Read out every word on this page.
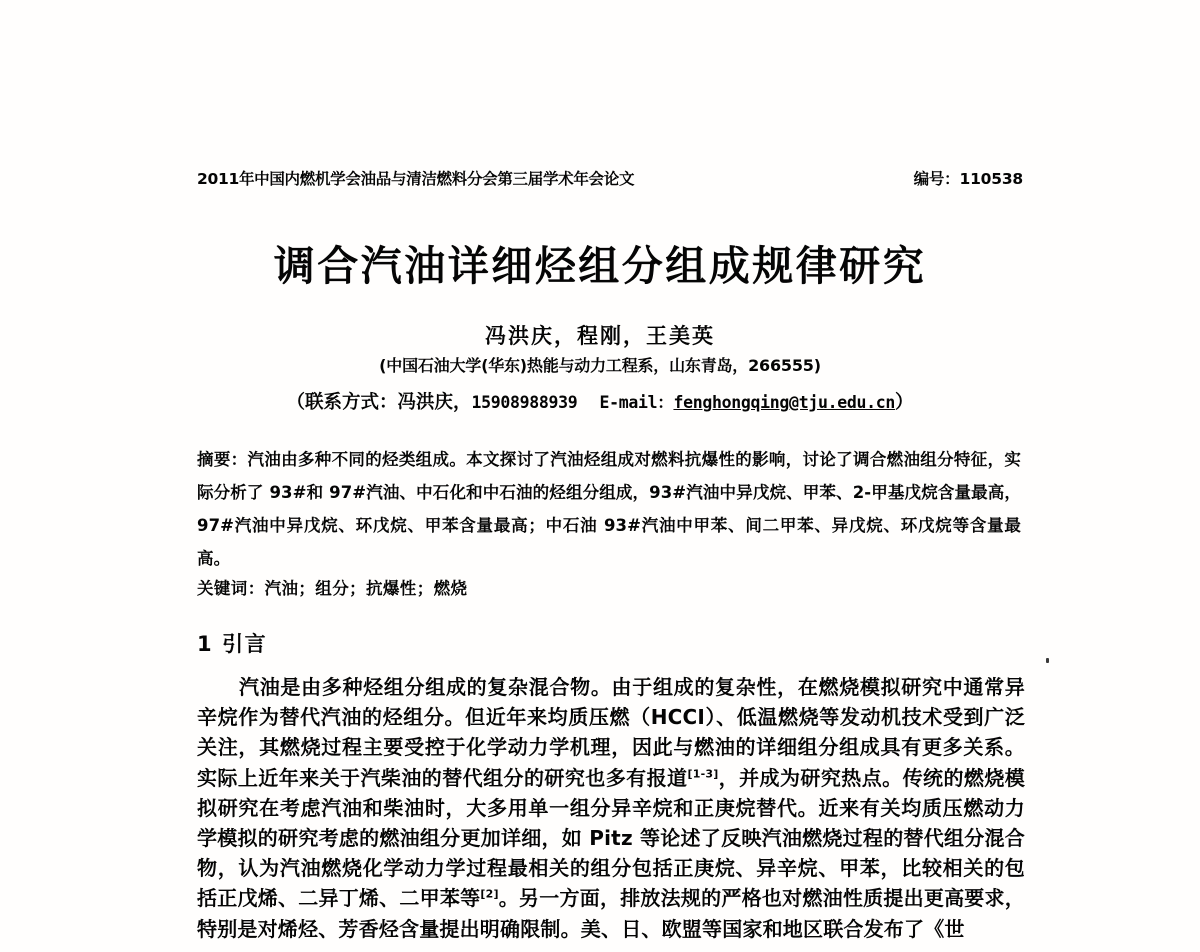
2011年中国内燃机学会油品与清洁燃料分会第三届学术年会论文	编号：110538
调合汽油详细烃组分组成规律研究
冯洪庆，程刚，王美英
(中国石油大学(华东)热能与动力工程系，山东青岛，266555)
（联系方式：冯洪庆，15908988939 E-mail：fenghongqing@tju.edu.cn）
摘要：汽油由多种不同的烃类组成。本文探讨了汽油烃组成对燃料抗爆性的影响，讨论了调合燃油组分特征，实际分析了 93#和 97#汽油、中石化和中石油的烃组分组成，93#汽油中异戊烷、甲苯、2-甲基戊烷含量最高，97#汽油中异戊烷、环戊烷、甲苯含量最高；中石油 93#汽油中甲苯、间二甲苯、异戊烷、环戊烷等含量最高。
关键词：汽油；组分；抗爆性；燃烧
1 引言
汽油是由多种烃组分组成的复杂混合物。由于组成的复杂性，在燃烧模拟研究中通常异辛烷作为替代汽油的烃组分。但近年来均质压燃（HCCI）、低温燃烧等发动机技术受到广泛关注，其燃烧过程主要受控于化学动力学机理，因此与燃油的详细组分组成具有更多关系。实际上近年来关于汽柴油的替代组分的研究也多有报道[1-3]，并成为研究热点。传统的燃烧模拟研究在考虑汽油和柴油时，大多用单一组分异辛烷和正庚烷替代。近来有关均质压燃动力学模拟的研究考虑的燃油组分更加详细，如 Pitz 等论述了反映汽油燃烧过程的替代组分混合物，认为汽油燃烧化学动力学过程最相关的组分包括正庚烷、异辛烷、甲苯，比较相关的包括正戊烯、二异丁烯、二甲苯等[2]。另一方面，排放法规的严格也对燃油性质提出更高要求，特别是对烯烃、芳香烃含量提出明确限制。美、日、欧盟等国家和地区联合发布了《世
